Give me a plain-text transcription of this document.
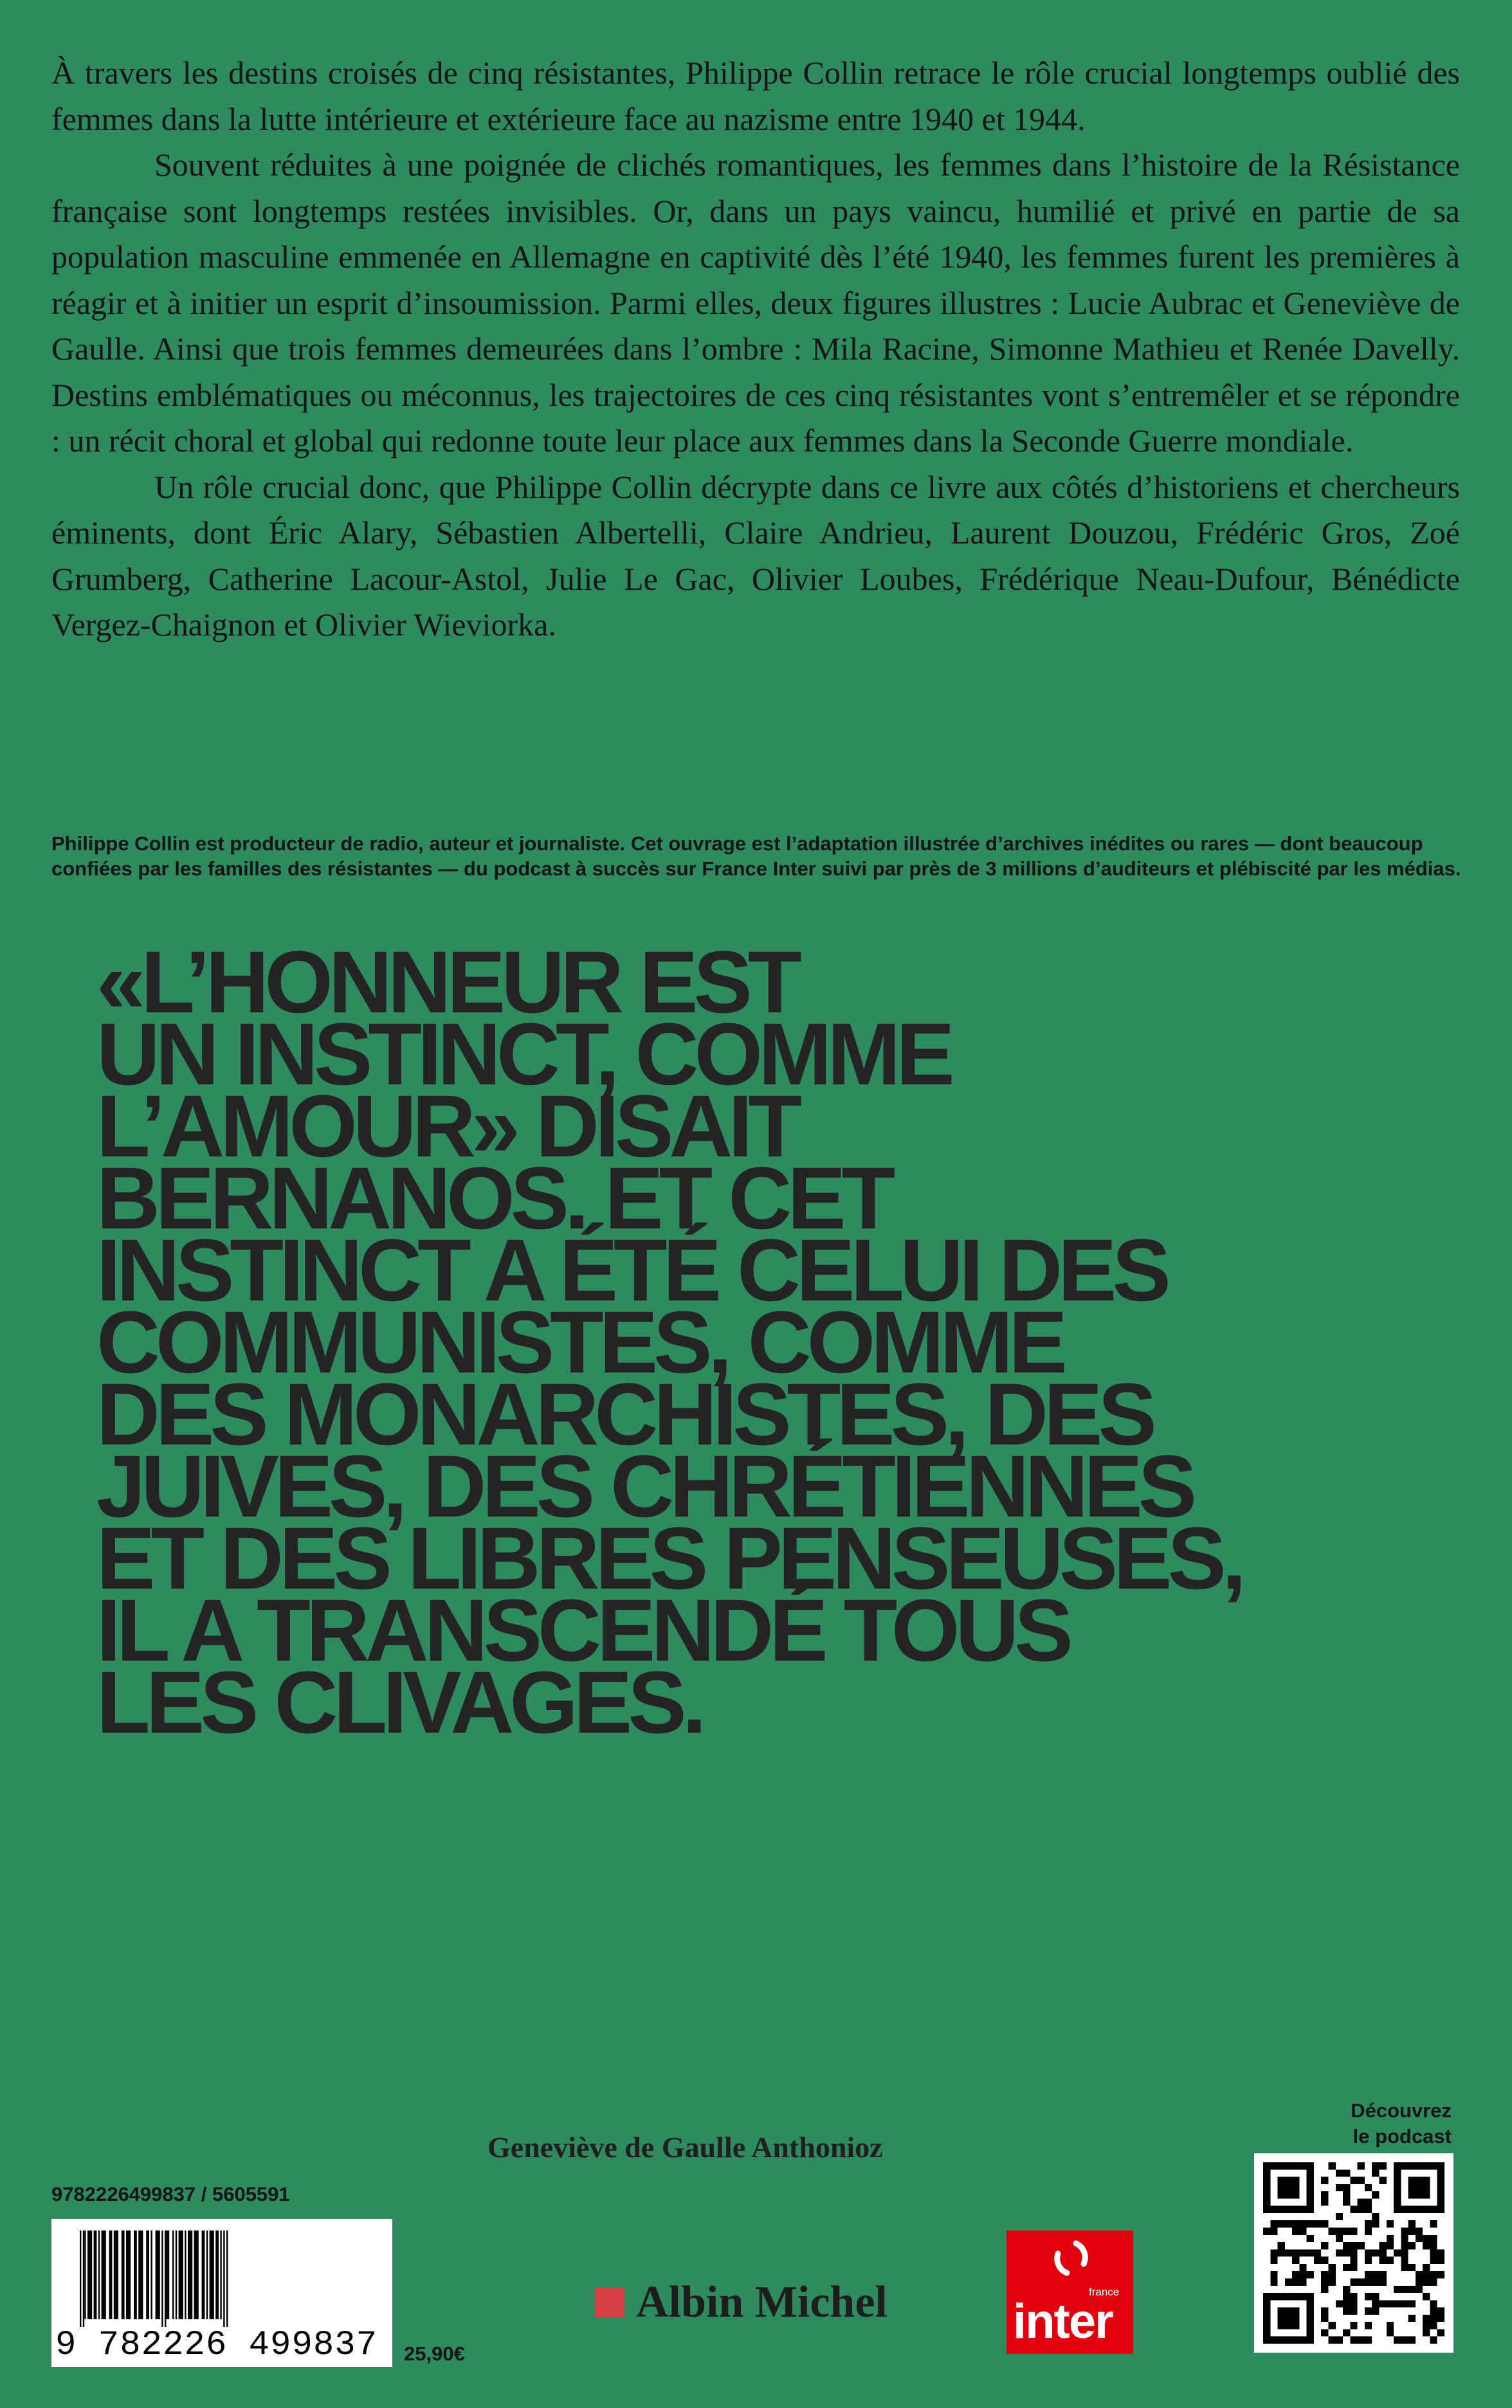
À travers les destins croisés de cinq résistantes, Philippe Collin retrace le rôle crucial longtemps oublié des femmes dans la lutte intérieure et extérieure face au nazisme entre 1940 et 1944.

Souvent réduites à une poignée de clichés romantiques, les femmes dans l’histoire de la Résistance française sont longtemps restées invisibles. Or, dans un pays vaincu, humilié et privé en partie de sa population masculine emmenée en Allemagne en captivité dès l’été 1940, les femmes furent les premières à réagir et à initier un esprit d’insoumission. Parmi elles, deux figures illustres : Lucie Aubrac et Geneviève de Gaulle. Ainsi que trois femmes demeurées dans l’ombre : Mila Racine, Simonne Mathieu et Renée Davelly. Destins emblématiques ou méconnus, les trajectoires de ces cinq résistantes vont s’entremêler et se répondre : un récit choral et global qui redonne toute leur place aux femmes dans la Seconde Guerre mondiale.

Un rôle crucial donc, que Philippe Collin décrypte dans ce livre aux côtés d’historiens et chercheurs éminents, dont Éric Alary, Sébastien Albertelli, Claire Andrieu, Laurent Douzou, Frédéric Gros, Zoé Grumberg, Catherine Lacour-Astol, Julie Le Gac, Olivier Loubes, Frédérique Neau-Dufour, Bénédicte Vergez-Chaignon et Olivier Wieviorka.

Philippe Collin est producteur de radio, auteur et journaliste. Cet ouvrage est l’adaptation illustrée d’archives inédites ou rares — dont beaucoup confiées par les familles des résistantes — du podcast à succès sur France Inter suivi par près de 3 millions d’auditeurs et plébiscité par les médias.
«L’HONNEUR EST
UN INSTINCT, COMME
L’AMOUR» DISAIT
BERNANOS. ET CET
INSTINCT A ÉTÉ CELUI DES
COMMUNISTES, COMME
DES MONARCHISTES, DES
JUIVES, DES CHRÉTIENNES
ET DES LIBRES PENSEUSES,
IL A TRANSCENDÉ TOUS
LES CLIVAGES.
Geneviève de Gaulle Anthonioz
9782226499837 / 5605591
9 782226 499837 25,90€
Albin Michel	france
inter
Découvrez
le podcast
